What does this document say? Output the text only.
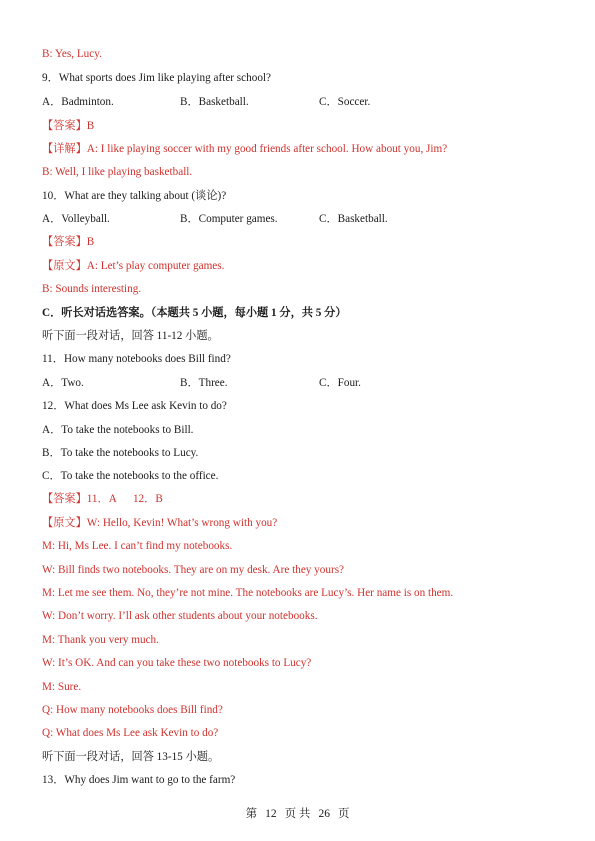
B: Yes, Lucy.
9．What sports does Jim like playing after school?
A．Badminton.	B．Basketball.	C．Soccer.
【答案】B
【详解】A: I like playing soccer with my good friends after school. How about you, Jim?
B: Well, I like playing basketball.
10．What are they talking about (谈论)?
A．Volleyball.	B．Computer games.	C．Basketball.
【答案】B
【原文】A: Let’s play computer games.
B: Sounds interesting.
C．听长对话选答案。（本题共 5 小题，每小题 1 分，共 5 分）
听下面一段对话，回答 11-12 小题。
11．How many notebooks does Bill find?
A．Two.	B．Three.	C．Four.
12．What does Ms Lee ask Kevin to do?
A．To take the notebooks to Bill.
B．To take the notebooks to Lucy.
C．To take the notebooks to the office.
【答案】11．A      12．B
【原文】W: Hello, Kevin! What’s wrong with you?
M: Hi, Ms Lee. I can’t find my notebooks.
W: Bill finds two notebooks. They are on my desk. Are they yours?
M: Let me see them. No, they’re not mine. The notebooks are Lucy’s. Her name is on them.
W: Don’t worry. I’ll ask other students about your notebooks.
M: Thank you very much.
W: It’s OK. And can you take these two notebooks to Lucy?
M: Sure.
Q: How many notebooks does Bill find?
Q: What does Ms Lee ask Kevin to do?
听下面一段对话，回答 13-15 小题。
13．Why does Jim want to go to the farm?
第 12 页 共 26 页
